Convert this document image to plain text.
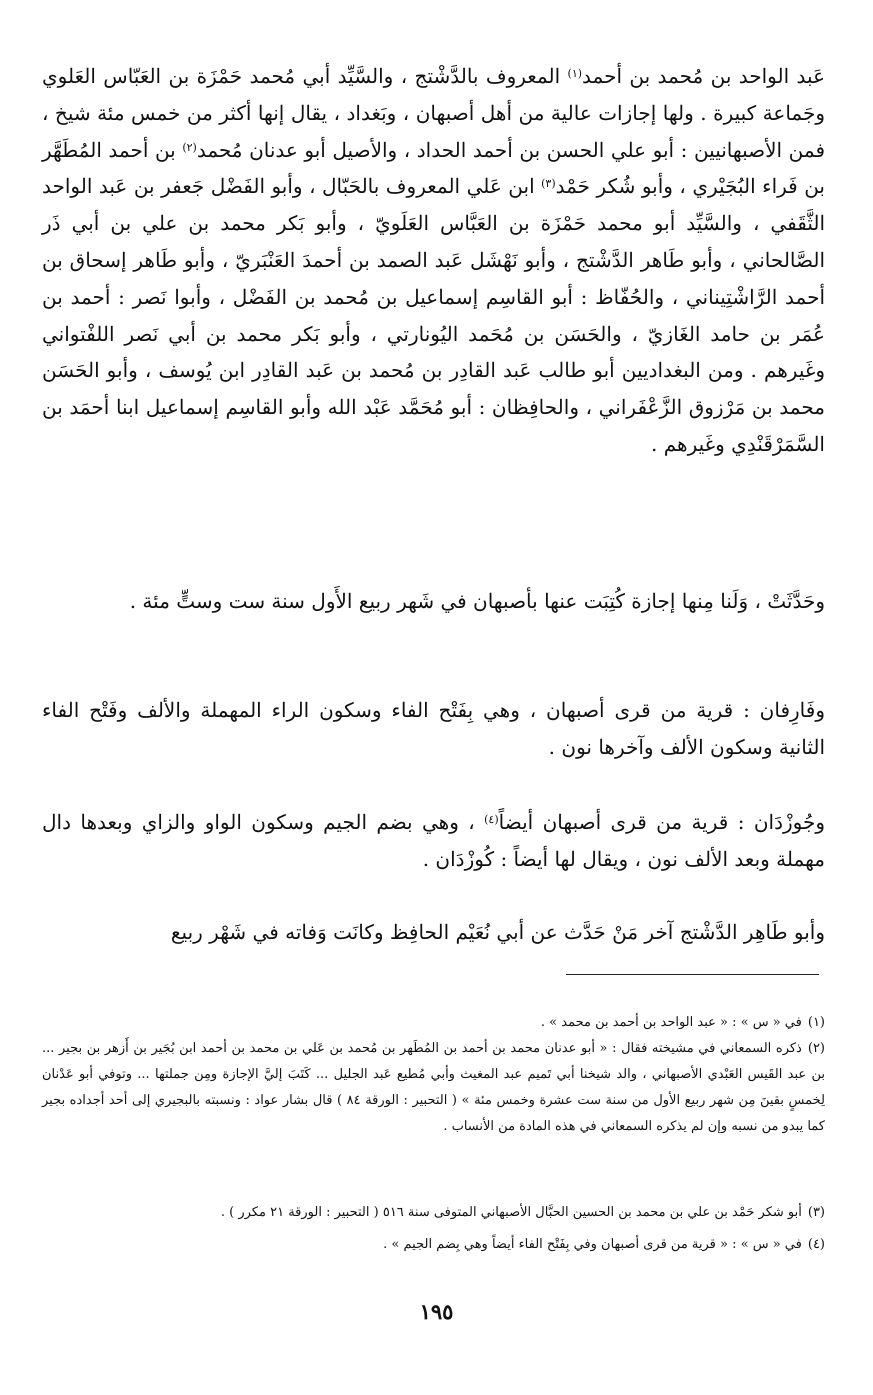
عَبد الواحد بن مُحمد بن أحمد$^{(١)}$ المعروف بالدَّشْتج ، والسَّيِّد أبي مُحمد حَمْزَة بن العَبّاس العَلوي وجَماعة كبيرة . ولها إجازات عالية من أهل أصبهان ، وبَغداد ، يقال إنها أكثر من خمس مئة شيخ ، فمن الأصبهانيين : أبو علي الحسن بن أحمد الحداد ، والأصيل أبو عدنان مُحمد$^{(٢)}$ بن أحمد المُطَهَّر بن فَراء البُجَيْري ، وأبو شُكر حَمْد$^{(٣)}$ ابن عَلي المعروف بالحَبّال ، وأبو الفَضْل جَعفر بن عَبد الواحد الثَّقَفي ، والسَّيِّد أبو محمد حَمْزَة بن العَبَّاس العَلَويّ ، وأبو بَكر محمد بن علي بن أبي ذَر الصَّالحاني ، وأبو طَاهر الدَّشْتج ، وأبو نَهْشَل عَبد الصمد بن أحمدَ العَنْبَريّ ، وأبو طَاهر إسحاق بن أحمد الرَّاشْتِيناني ، والحُفّاظ : أبو القاسِم إسماعيل بن مُحمد بن الفَضْل ، وأبوا نَصر : أحمد بن عُمَر بن حامد الغَازيّ ، والحَسَن بن مُحَمد اليُونارتي ، وأبو بَكر محمد بن أبي نَصر اللفْتواني وغَيرهم . ومن البغداديين أبو طالب عَبد القادِر بن مُحمد بن عَبد القادِر ابن يُوسف ، وأبو الحَسَن محمد بن مَرْزوق الزَّعْفَراني ، والحافِظان : أبو مُحَمَّد عَبْد الله وأبو القاسِم إسماعيل ابنا أحمَد بن السَّمَرْقَنْدِي وغَيرهم .
وحَدَّثَتْ ، وَلَنا مِنها إجازة كُتِبَت عنها بأصبهان في شَهر ربيع الأَول سنة ست وستٍّ مئة .
وفَارِفان : قرية من قرى أصبهان ، وهي بِفَتْح الفاء وسكون الراء المهملة والألف وفَتْح الفاء الثانية وسكون الألف وآخرها نون .
وجُوزْدَان : قرية من قرى أصبهان أيضاً$^{(٤)}$ ، وهي بضم الجيم وسكون الواو والزاي وبعدها دال مهملة وبعد الألف نون ، ويقال لها أيضاً : كُوزْدَان .
وأبو طَاهِر الدَّشْتج آخر مَنْ حَدَّث عن أبي نُعَيْم الحافِظ وكانَت وَفاته في شَهْر ربيع
(١)في « س » : « عبد الواحد بن أحمد بن محمد » .
(٢)ذكره السمعاني في مشيخته فقال : « أبو عدنان محمد بن أحمد بن المُطَهر بن مُحمد بن عَلي بن محمد بن أحمد ابن بُجَير بن أَزهر بن بجير ... بن عبد القَيس العَبْدي الأصبهاني ، والد شيخنا أبي تَميم عبد المغيث وأبي مُطيع عَبد الجليل ... كَتَبَ إليَّ الإجازة ومِن جملتها ... وتوفي أبو عَدْنان لِخمسٍ بقينَ مِن شهر ربيع الأول من سنة ست عشرة وخمس مئة » ( التحبير : الورقة ٨٤ ) قال بشار عواد : ونسبته بالبجيري إلى أحد أجداده بجير كما يبدو من نسبه وإن لم يذكره السمعاني في هذه المادة من الأنساب .
(٣)أبو شكر حَمْد بن علي بن محمد بن الحسين الحبَّال الأصبهاني المتوفى سنة ٥١٦ ( التحبير : الورقة ٢١ مكرر ) .
(٤)في « س » : « قرية من قرى أصبهان وفي بِفَتْح الفاء أيضاً وهي بِضم الجيم » .
١٩٥
